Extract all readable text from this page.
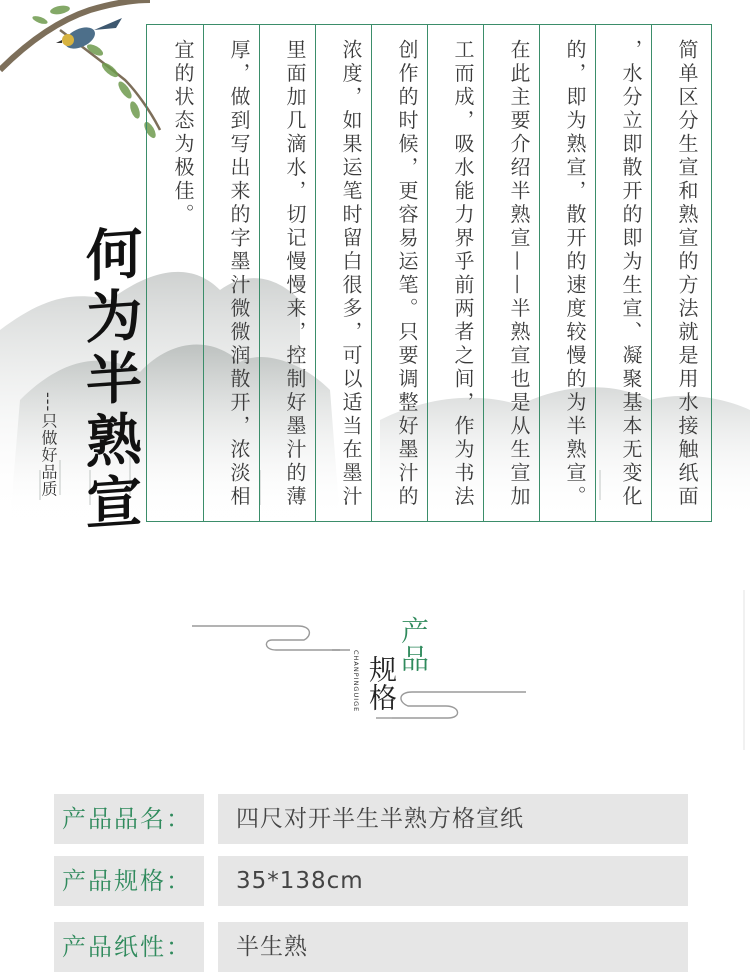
简单区分生宣和熟宣的方法就是用水接触纸面
，水分立即散开的即为生宣、凝聚基本无变化
的，即为熟宣，散开的速度较慢的为半熟宣。
在此主要介绍半熟宣——半熟宣也是从生宣加
工而成，吸水能力界乎前两者之间，作为书法
创作的时候，更容易运笔。只要调整好墨汁的
浓度，如果运笔时留白很多，可以适当在墨汁
里面加几滴水，切记慢慢来，控制好墨汁的薄
厚，做到写出来的字墨汁微微润散开，浓淡相
宜的状态为极佳。
何为半熟宣
---只做好品质
产品
规格
CHANPINGUIGE
产品品名：	四尺对开半生半熟方格宣纸
产品规格：	35*138cm
产品纸性：	半生熟
